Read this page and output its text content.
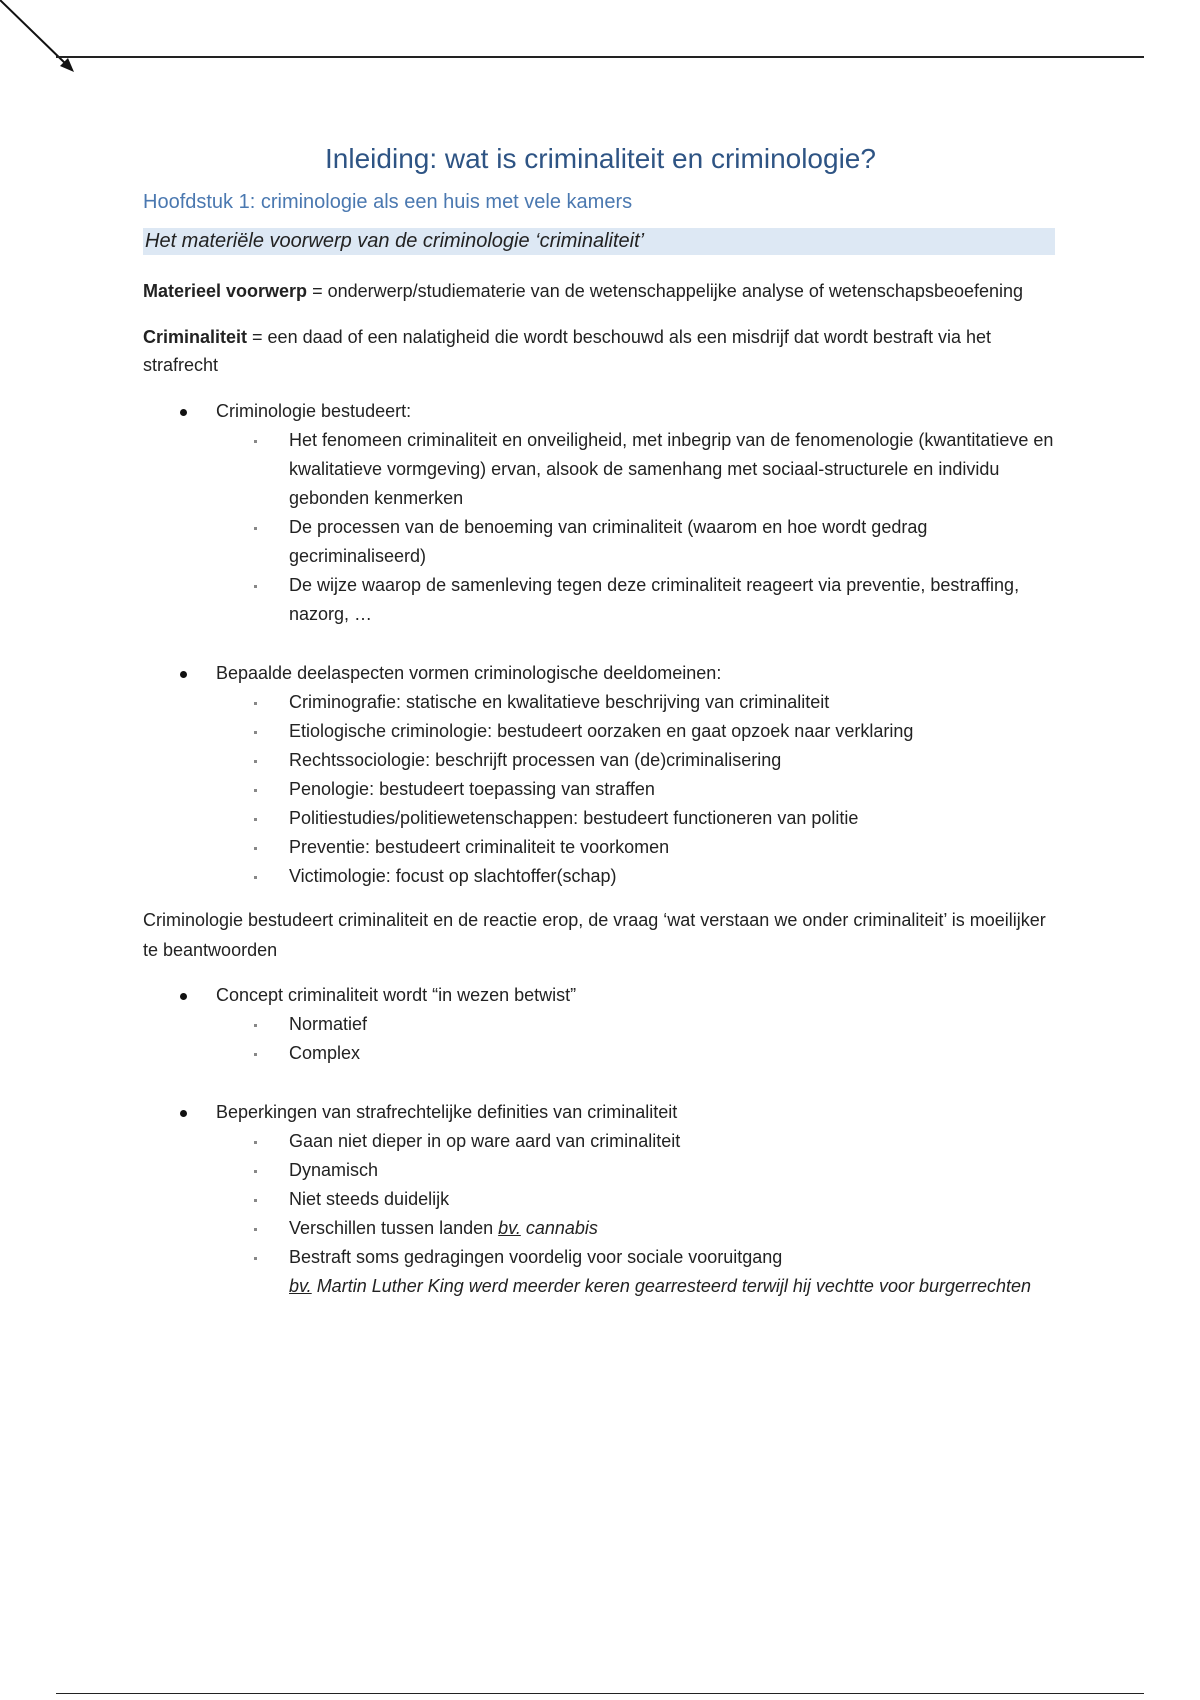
Inleiding: wat is criminaliteit en criminologie?
Hoofdstuk 1: criminologie als een huis met vele kamers
Het materiële voorwerp van de criminologie ‘criminaliteit’

Materieel voorwerp = onderwerp/studiematerie van de wetenschappelijke analyse of wetenschapsbeoefening

Criminaliteit = een daad of een nalatigheid die wordt beschouwd als een misdrijf dat wordt bestraft via het strafrecht

Criminologie bestudeert:
Het fenomeen criminaliteit en onveiligheid, met inbegrip van de fenomenologie (kwantitatieve en kwalitatieve vormgeving) ervan, alsook de samenhang met sociaal-structurele en individu gebonden kenmerken
De processen van de benoeming van criminaliteit (waarom en hoe wordt gedrag gecriminaliseerd)
De wijze waarop de samenleving tegen deze criminaliteit reageert via preventie, bestraffing, nazorg, …
Bepaalde deelaspecten vormen criminologische deeldomeinen:
Criminografie: statische en kwalitatieve beschrijving van criminaliteit
Etiologische criminologie: bestudeert oorzaken en gaat opzoek naar verklaring
Rechtssociologie: beschrijft processen van (de)criminalisering
Penologie: bestudeert toepassing van straffen
Politiestudies/politiewetenschappen: bestudeert functioneren van politie
Preventie: bestudeert criminaliteit te voorkomen
Victimologie: focust op slachtoffer(schap)

Criminologie bestudeert criminaliteit en de reactie erop, de vraag ‘wat verstaan we onder criminaliteit’ is moeilijker te beantwoorden

Concept criminaliteit wordt “in wezen betwist”
Normatief
Complex
Beperkingen van strafrechtelijke definities van criminaliteit
Gaan niet dieper in op ware aard van criminaliteit
Dynamisch
Niet steeds duidelijk
Verschillen tussen landen bv. cannabis
Bestraft soms gedragingen voordelig voor sociale vooruitgang
bv. Martin Luther King werd meerder keren gearresteerd terwijl hij vechtte voor burgerrechten
